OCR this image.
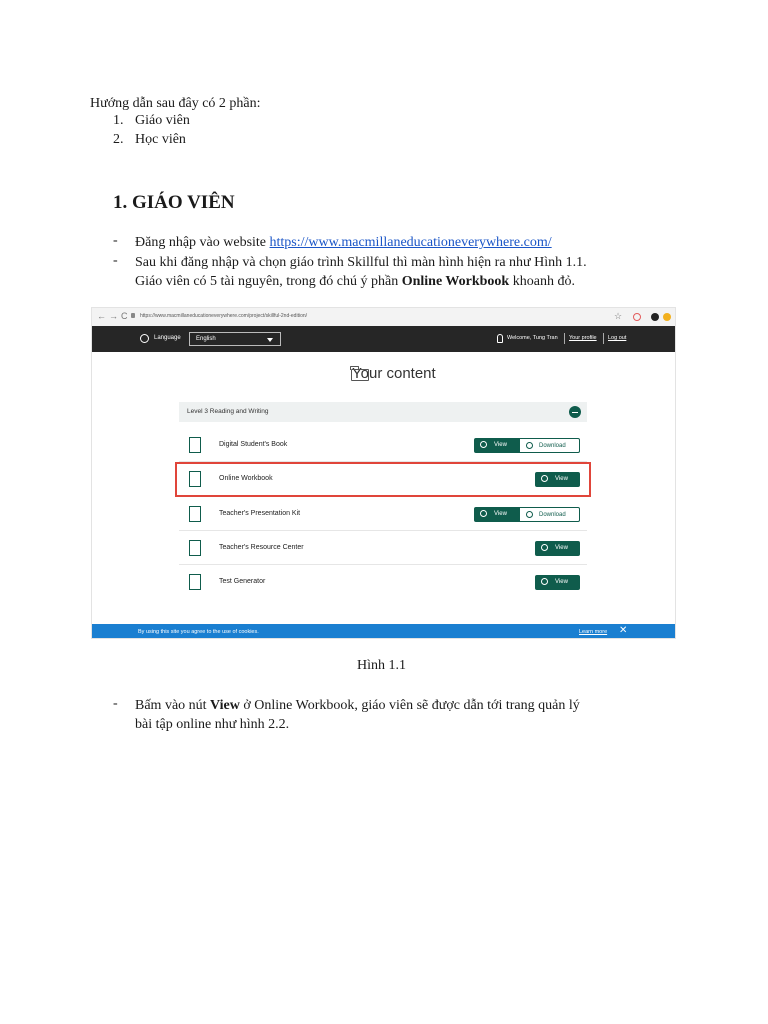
Hướng dẫn sau đây có 2 phần:
1. Giáo viên
2. Học viên
1. GIÁO VIÊN
- Đăng nhập vào website https://www.macmillaneducationeverywhere.com/
- Sau khi đăng nhập và chọn giáo trình Skillful thì màn hình hiện ra như Hình 1.1.
Giáo viên có 5 tài nguyên, trong đó chú ý phần Online Workbook khoanh đỏ.
← → C	https://www.macmillaneducationeverywhere.com/project/skillful-2nd-edition/	☆
Language	English	Welcome, Tung Tran Your profile Log out
Your content
Level 3 Reading and Writing
Digital Student's Book	View	Download
Online Workbook	View
Teacher's Presentation Kit	View	Download
Teacher's Resource Center	View
Test Generator	View
By using this site you agree to the use of cookies.	Learn more ✕
Hình 1.1
- Bấm vào nút View ở Online Workbook, giáo viên sẽ được dẫn tới trang quản lý
bài tập online như hình 2.2.
